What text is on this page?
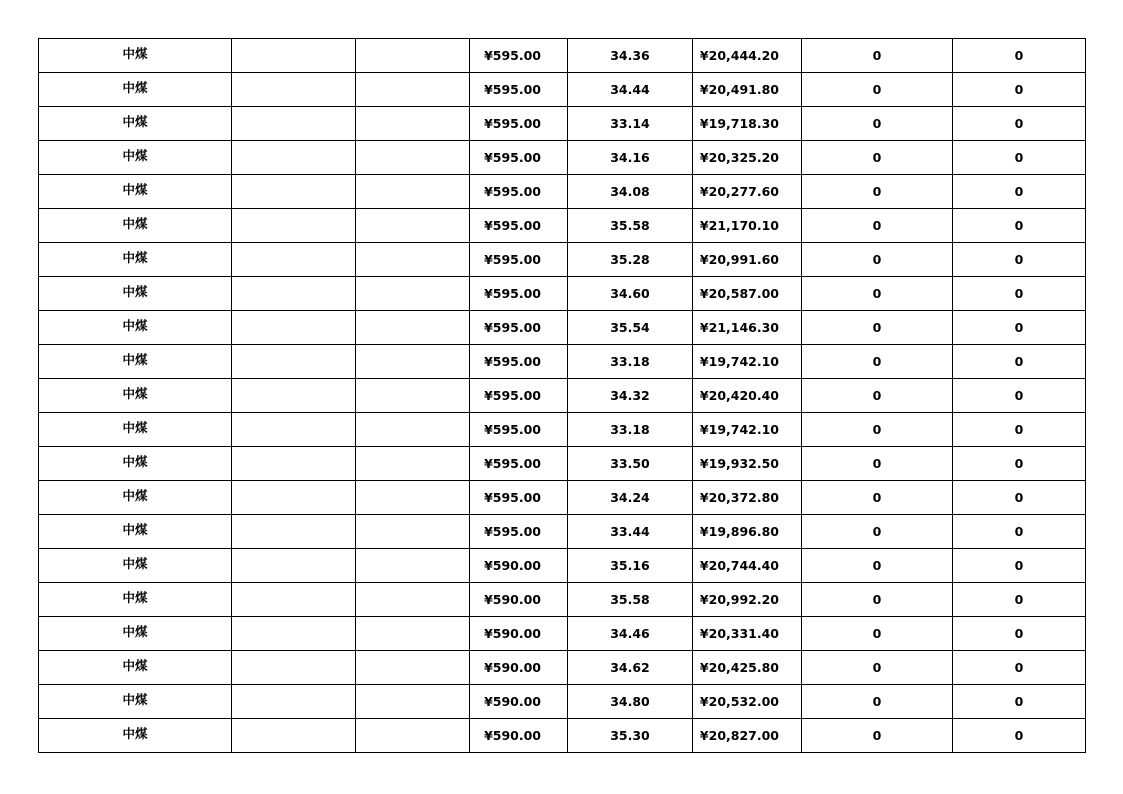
中煤			¥595.00	34.36	¥20,444.20	0	0
中煤			¥595.00	34.44	¥20,491.80	0	0
中煤			¥595.00	33.14	¥19,718.30	0	0
中煤			¥595.00	34.16	¥20,325.20	0	0
中煤			¥595.00	34.08	¥20,277.60	0	0
中煤			¥595.00	35.58	¥21,170.10	0	0
中煤			¥595.00	35.28	¥20,991.60	0	0
中煤			¥595.00	34.60	¥20,587.00	0	0
中煤			¥595.00	35.54	¥21,146.30	0	0
中煤			¥595.00	33.18	¥19,742.10	0	0
中煤			¥595.00	34.32	¥20,420.40	0	0
中煤			¥595.00	33.18	¥19,742.10	0	0
中煤			¥595.00	33.50	¥19,932.50	0	0
中煤			¥595.00	34.24	¥20,372.80	0	0
中煤			¥595.00	33.44	¥19,896.80	0	0
中煤			¥590.00	35.16	¥20,744.40	0	0
中煤			¥590.00	35.58	¥20,992.20	0	0
中煤			¥590.00	34.46	¥20,331.40	0	0
中煤			¥590.00	34.62	¥20,425.80	0	0
中煤			¥590.00	34.80	¥20,532.00	0	0
中煤			¥590.00	35.30	¥20,827.00	0	0
